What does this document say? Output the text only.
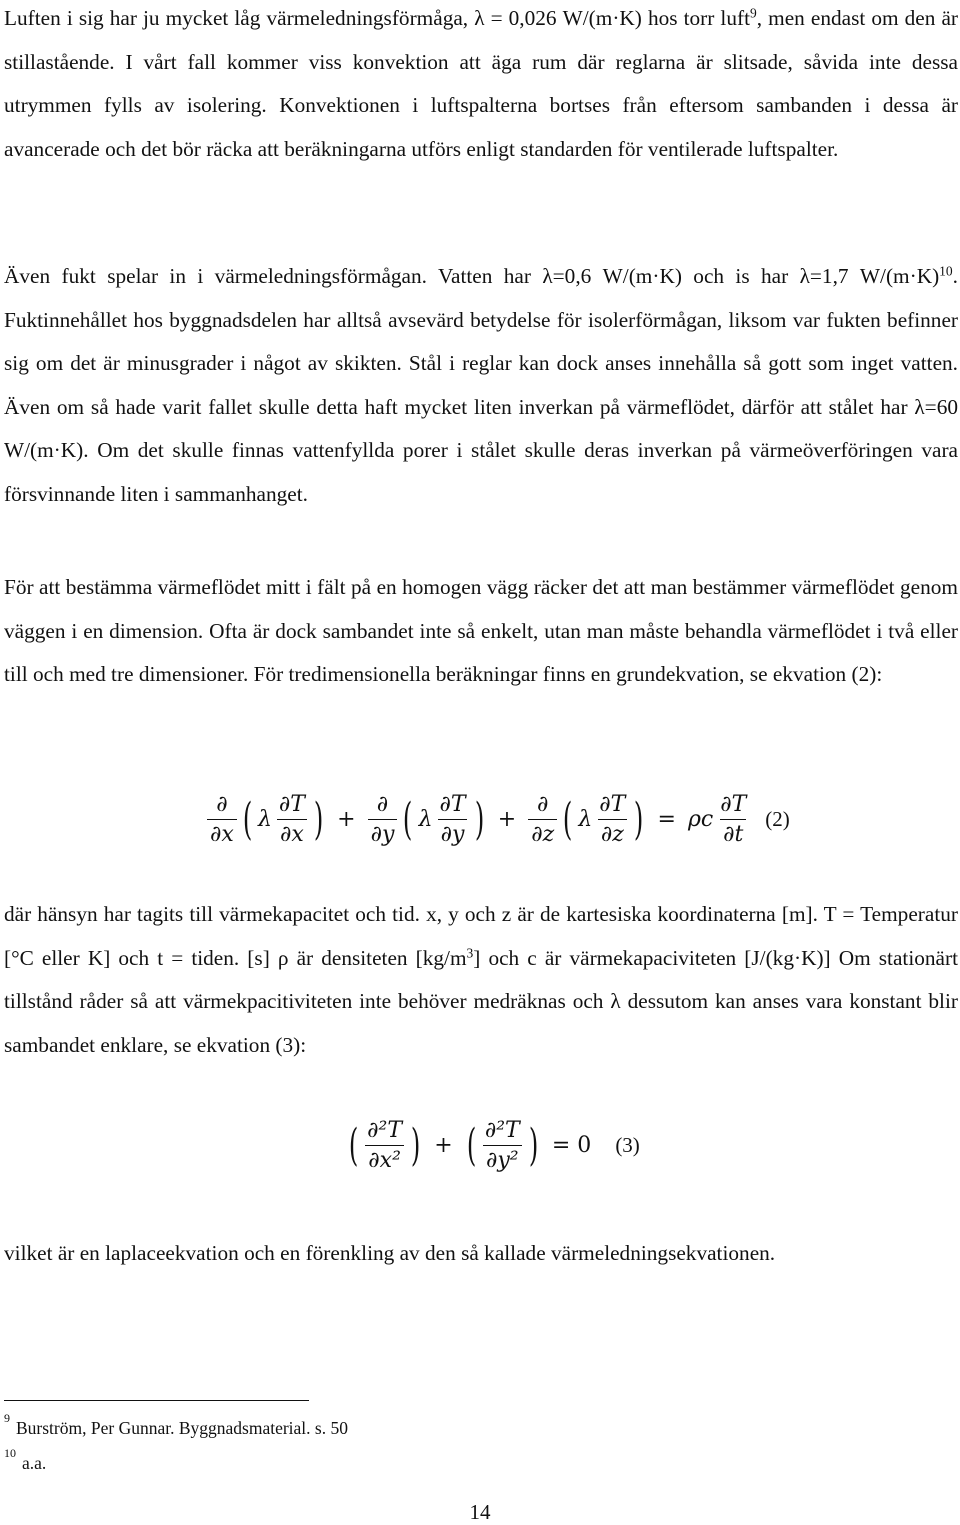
Luften i sig har ju mycket låg värmeledningsförmåga, λ = 0,026 W/(m·K) hos torr luft$^9$, men endast om den är stillastående. I vårt fall kommer viss konvektion att äga rum där reglarna är slitsade, såvida inte dessa utrymmen fylls av isolering. Konvektionen i luftspalterna bortses från eftersom sambanden i dessa är avancerade och det bör räcka att beräkningarna utförs enligt standarden för ventilerade luftspalter.

Även fukt spelar in i värmeledningsförmågan. Vatten har λ=0,6 W/(m·K) och is har λ=1,7 W/(m·K)$^{10}$. Fuktinnehållet hos byggnadsdelen har alltså avsevärd betydelse för isolerförmågan, liksom var fukten befinner sig om det är minusgrader i något av skikten. Stål i reglar kan dock anses innehålla så gott som inget vatten. Även om så hade varit fallet skulle detta haft mycket liten inverkan på värmeflödet, därför att stålet har λ=60 W/(m·K). Om det skulle finnas vattenfyllda porer i stålet skulle deras inverkan på värmeöverföringen vara försvinnande liten i sammanhanget.

För att bestämma värmeflödet mitt i fält på en homogen vägg räcker det att man bestämmer värmeflödet genom väggen i en dimension. Ofta är dock sambandet inte så enkelt, utan man måste behandla värmeflödet i två eller till och med tre dimensioner. För tredimensionella beräkningar finns en grundekvation, se ekvation (2):

$\frac{\partial}{\partial x}$ ( λ $\frac{\partial T}{\partial x}$ ) + $\frac{\partial}{\partial y}$ ( λ $\frac{\partial T}{\partial y}$ ) + $\frac{\partial}{\partial z}$ ( λ $\frac{\partial T}{\partial z}$ ) = ρc $\frac{\partial T}{\partial t} (2)$

där hänsyn har tagits till värmekapacitet och tid. x, y och z är de kartesiska koordinaterna [m]. T = Temperatur [°C eller K] och t = tiden. [s] ρ är densiteten [kg/m$^3$] och c är värmekapaciviteten [J/(kg·K)] Om stationärt tillstånd råder så att värmekpacitiviteten inte behöver medräknas och λ dessutom kan anses vara konstant blir sambandet enklare, se ekvation (3):

( $\frac{\text{∂²T}}{\text{∂x²}}$ ) + ( $\frac{\text{∂²T}}{\text{∂y²}}$ ) = 0 (3)

vilket är en laplaceekvation och en förenkling av den så kallade värmeledningsekvationen.

$^9$ Burström, Per Gunnar. Byggnadsmaterial. s. 50
$^{10}$ a.a.
14
